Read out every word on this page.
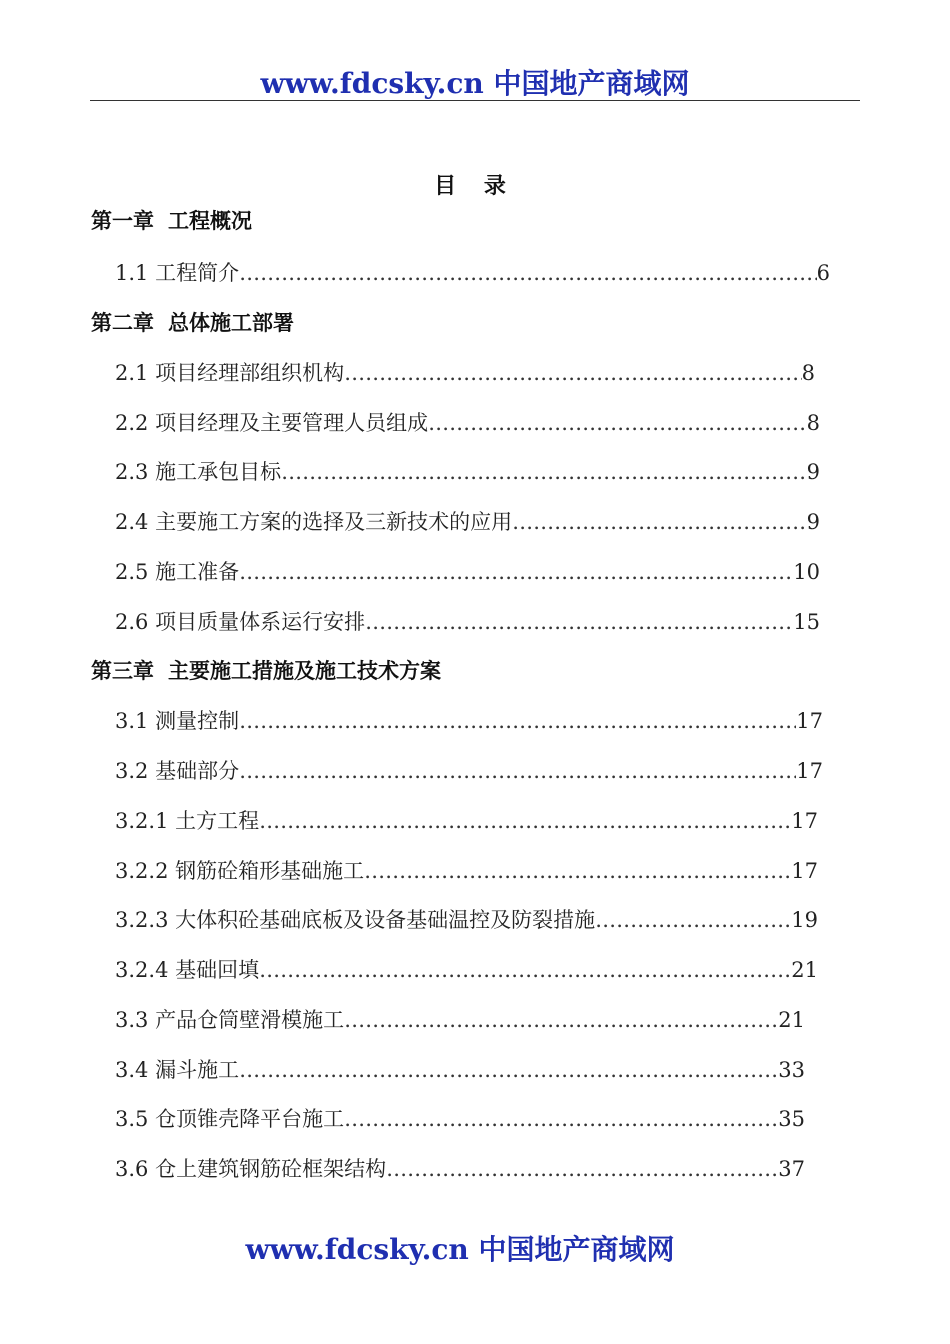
www.fdcsky.cn 中国地产商域网
目 录
第一章 工程概况
1.1 工程简介 ……………………………………………………………………………………………………………………………………………	6
第二章 总体施工部署
2.1 项目经理部组织机构 ……………………………………………………………………………………………………………………………………………	8
2.2 项目经理及主要管理人员组成 ……………………………………………………………………………………………………………………………………………	8
2.3 施工承包目标 ……………………………………………………………………………………………………………………………………………	9
2.4 主要施工方案的选择及三新技术的应用 ……………………………………………………………………………………………………………………………………………	9
2.5 施工准备 ……………………………………………………………………………………………………………………………………………	10
2.6 项目质量体系运行安排 ……………………………………………………………………………………………………………………………………………	15
第三章 主要施工措施及施工技术方案
3.1 测量控制 ……………………………………………………………………………………………………………………………………………	17
3.2 基础部分 ……………………………………………………………………………………………………………………………………………	17
3.2.1 土方工程 ……………………………………………………………………………………………………………………………………………	17
3.2.2 钢筋砼箱形基础施工 ……………………………………………………………………………………………………………………………………………	17
3.2.3 大体积砼基础底板及设备基础温控及防裂措施 ……………………………………………………………………………………………………………………………………………	19
3.2.4 基础回填 ……………………………………………………………………………………………………………………………………………	21
3.3 产品仓筒壁滑模施工 ……………………………………………………………………………………………………………………………………………	21
3.4 漏斗施工 ……………………………………………………………………………………………………………………………………………	33
3.5 仓顶锥壳降平台施工 ……………………………………………………………………………………………………………………………………………	35
3.6 仓上建筑钢筋砼框架结构 ……………………………………………………………………………………………………………………………………………	37
www.fdcsky.cn 中国地产商域网
